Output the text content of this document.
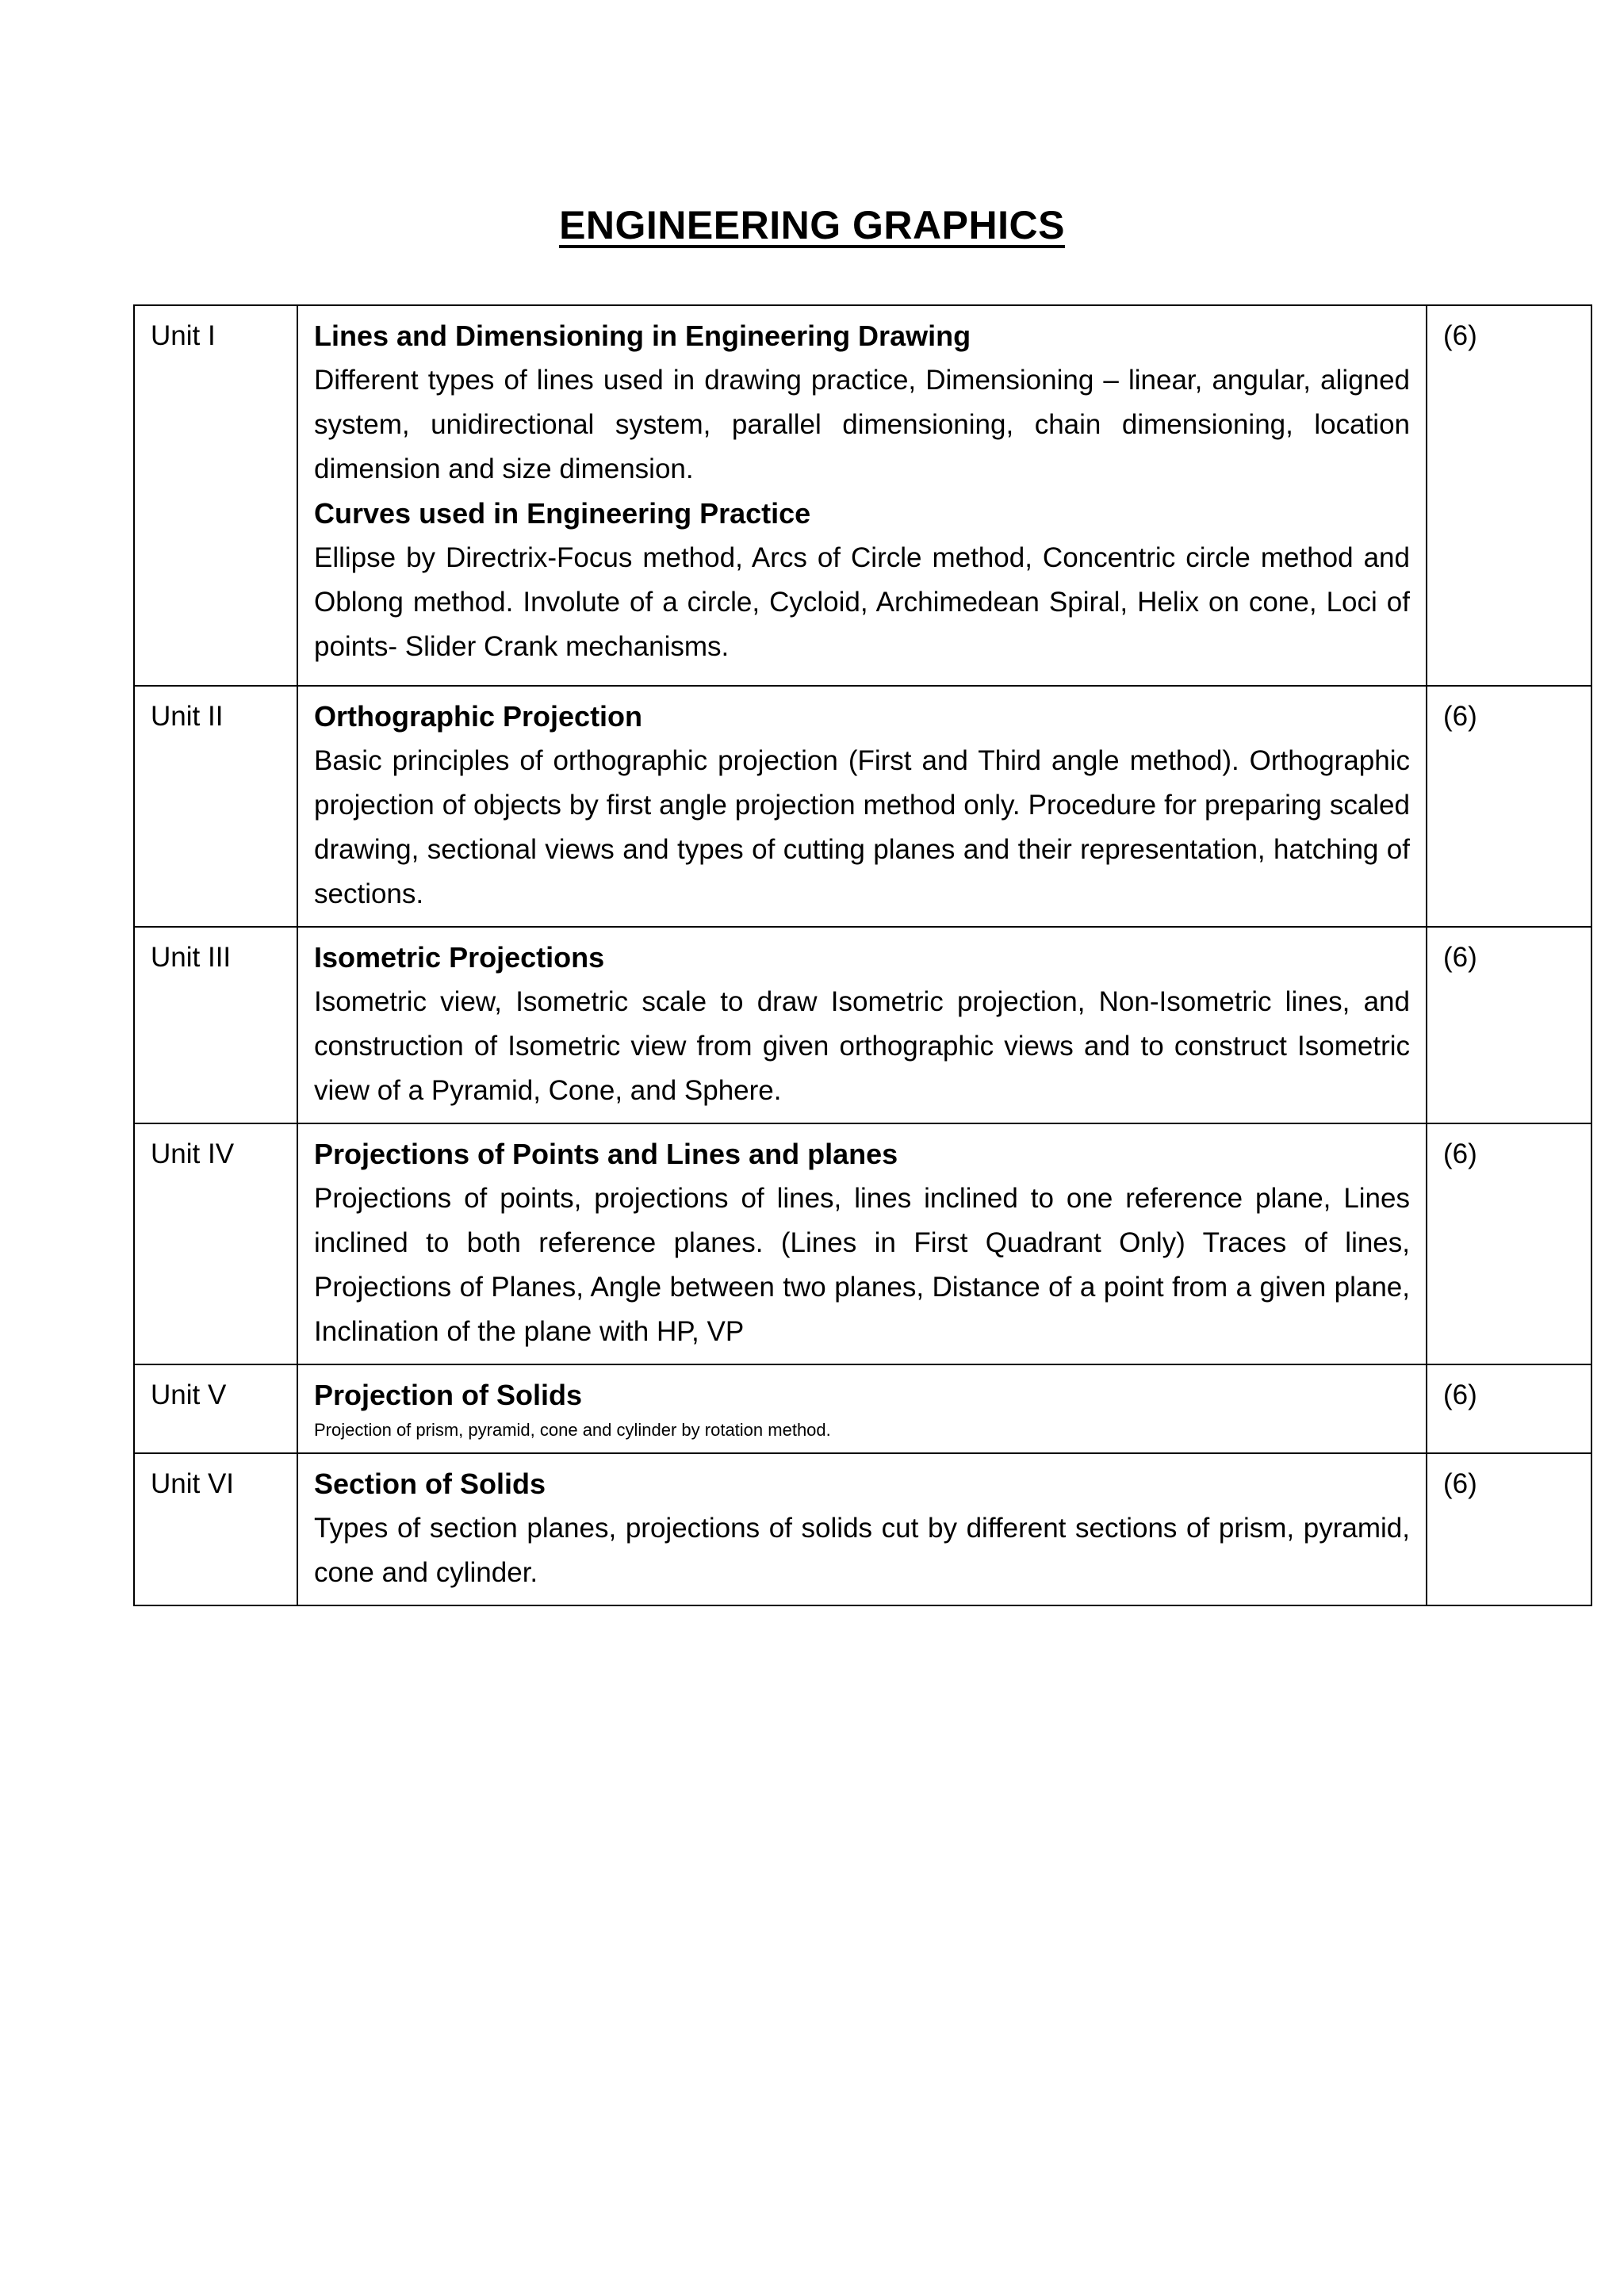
ENGINEERING GRAPHICS
Unit I	Lines and Dimensioning in Engineering Drawing
Different types of lines used in drawing practice, Dimensioning – linear, angular, aligned system, unidirectional system, parallel dimensioning, chain dimensioning, location dimension and size dimension.
Curves used in Engineering Practice
Ellipse by Directrix-Focus method, Arcs of Circle method, Concentric circle method and Oblong method. Involute of a circle, Cycloid, Archimedean Spiral, Helix on cone, Loci of points- Slider Crank mechanisms.	(6)
Unit II	Orthographic Projection
Basic principles of orthographic projection (First and Third angle method). Orthographic projection of objects by first angle projection method only. Procedure for preparing scaled drawing, sectional views and types of cutting planes and their representation, hatching of sections.	(6)
Unit III	Isometric Projections
Isometric view, Isometric scale to draw Isometric projection, Non-Isometric lines, and construction of Isometric view from given orthographic views and to construct Isometric view of a Pyramid, Cone, and Sphere.	(6)
Unit IV	Projections of Points and Lines and planes
Projections of points, projections of lines, lines inclined to one reference plane, Lines inclined to both reference planes. (Lines in First Quadrant Only) Traces of lines, Projections of Planes, Angle between two planes, Distance of a point from a given plane, Inclination of the plane with HP, VP	(6)
Unit V	Projection of Solids
Projection of prism, pyramid, cone and cylinder by rotation method.	(6)
Unit VI	Section of Solids
Types of section planes, projections of solids cut by different sections of prism, pyramid, cone and cylinder.	(6)
